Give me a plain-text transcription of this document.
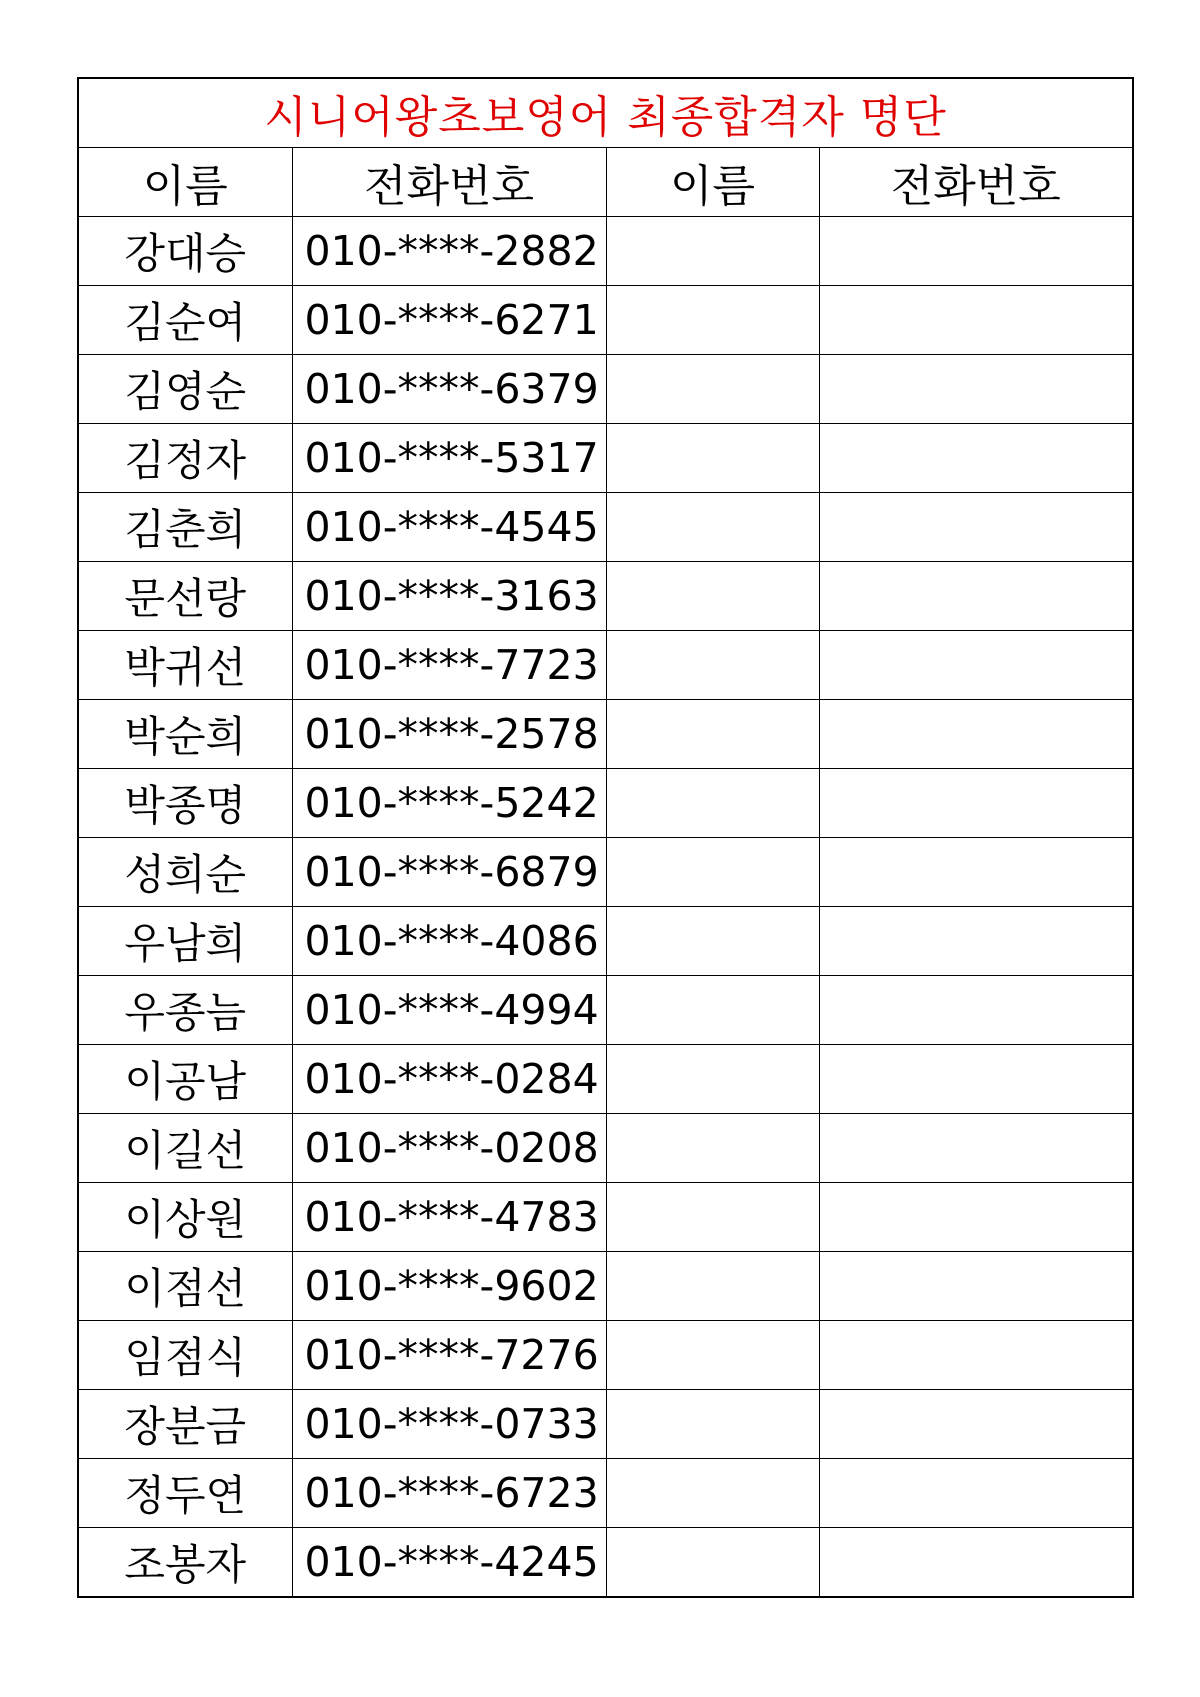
시니어왕초보영어 최종합격자 명단			
이름	전화번호	이름	전화번호
강대승	010-****-2882		
김순여	010-****-6271		
김영순	010-****-6379		
김정자	010-****-5317		
김춘희	010-****-4545		
문선랑	010-****-3163		
박귀선	010-****-7723		
박순희	010-****-2578		
박종명	010-****-5242		
성희순	010-****-6879		
우남희	010-****-4086		
우종늠	010-****-4994		
이공남	010-****-0284		
이길선	010-****-0208		
이상원	010-****-4783		
이점선	010-****-9602		
임점식	010-****-7276		
장분금	010-****-0733		
정두연	010-****-6723		
조봉자	010-****-4245		
